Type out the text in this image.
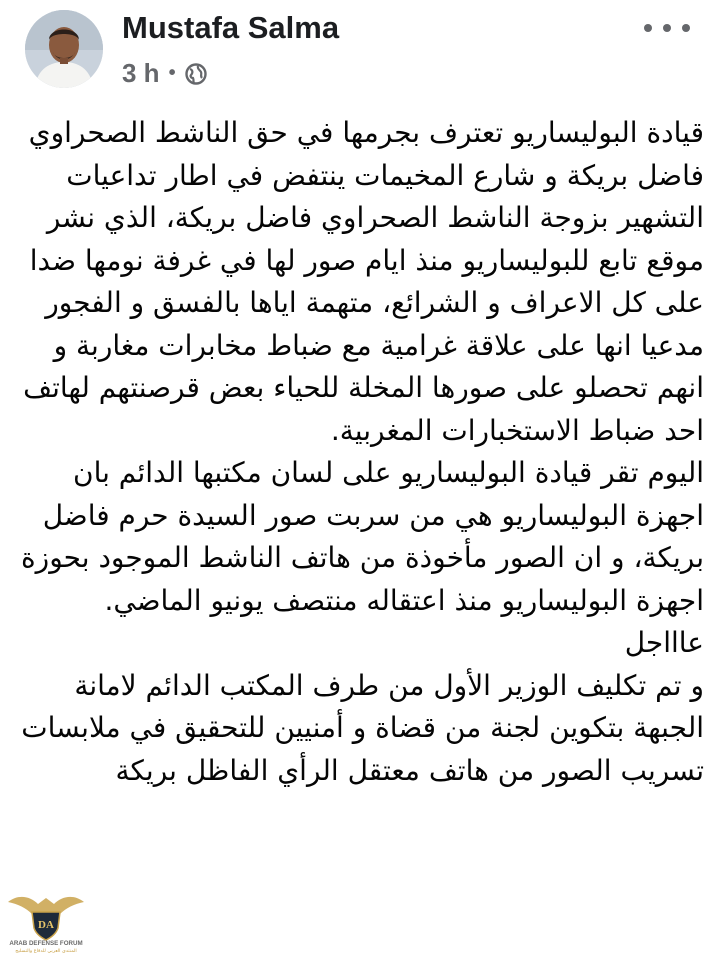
Mustafa Salma
3 h •

قيادة البوليساريو تعترف بجرمها في حق الناشط الصحراوي فاضل بريكة و شارع المخيمات ينتفض في اطار تداعيات التشهير بزوجة الناشط الصحراوي فاضل بريكة، الذي نشر موقع تابع للبوليساريو منذ ايام صور لها في غرفة نومها ضدا على كل الاعراف و الشرائع، متهمة اياها بالفسق و الفجور مدعيا انها على علاقة غرامية مع ضباط مخابرات مغاربة و انهم تحصلو على صورها المخلة للحياء بعض قرصنتهم لهاتف احد ضباط الاستخبارات المغربية.

اليوم تقر قيادة البوليساريو على لسان مكتبها الدائم بان اجهزة البوليساريو هي من سربت صور السيدة حرم فاضل بريكة، و ان الصور مأخوذة من هاتف الناشط الموجود بحوزة اجهزة البوليساريو منذ اعتقاله منتصف يونيو الماضي.

عاااجل

و تم تكليف الوزير الأول من طرف المكتب الدائم لامانة الجبهة بتكوين لجنة من قضاة و أمنيين للتحقيق في ملابسات تسريب الصور من هاتف معتقل الرأي الفاظل بريكة

DA
ARAB DEFENSE FORUM
المنتدى العربي للدفاع والتسليح
